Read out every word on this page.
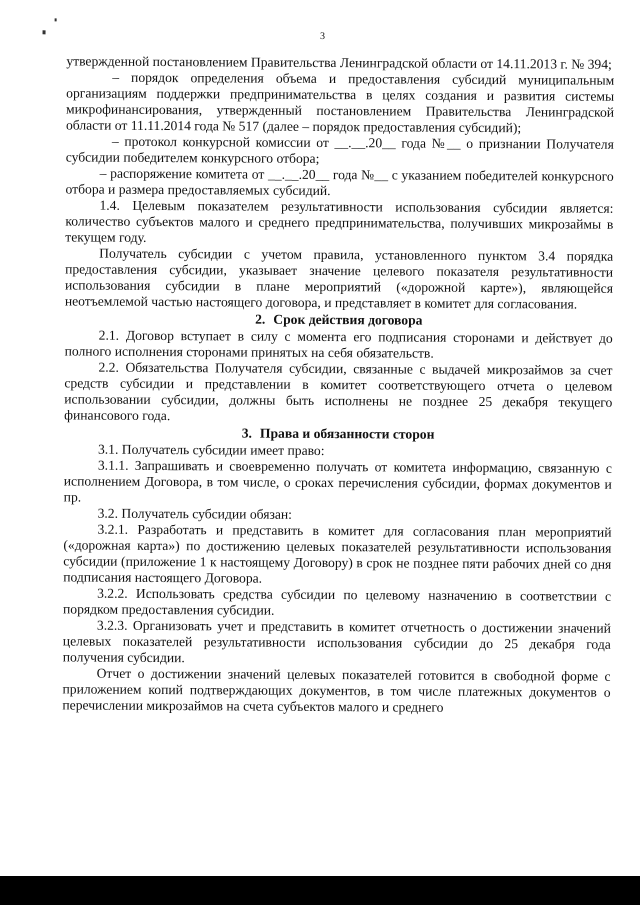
3

утвержденной постановлением Правительства Ленинградской области от 14.11.2013 г. № 394;

– порядок определения объема и предоставления субсидий муниципальным организациям поддержки предпринимательства в целях создания и развития системы микрофинансирования, утвержденный постановлением Правительства Ленинградской области от 11.11.2014 года № 517 (далее – порядок предоставления субсидий);

– протокол конкурсной комиссии от __.__.20__ года №__ о признании Получателя субсидии победителем конкурсного отбора;

– распоряжение комитета от __.__.20__ года №__ с указанием победителей конкурсного отбора и размера предоставляемых субсидий.

1.4. Целевым показателем результативности использования субсидии является: количество субъектов малого и среднего предпринимательства, получивших микрозаймы в текущем году.

Получатель субсидии с учетом правила, установленного пунктом 3.4 порядка предоставления субсидии, указывает значение целевого показателя результативности использования субсидии в плане мероприятий («дорожной карте»), являющейся неотъемлемой частью настоящего договора, и представляет в комитет для согласования.

2. Срок действия договора

2.1. Договор вступает в силу с момента его подписания сторонами и действует до полного исполнения сторонами принятых на себя обязательств.

2.2. Обязательства Получателя субсидии, связанные с выдачей микрозаймов за счет средств субсидии и представлении в комитет соответствующего отчета о целевом использовании субсидии, должны быть исполнены не позднее 25 декабря текущего финансового года.

3. Права и обязанности сторон

3.1. Получатель субсидии имеет право:

3.1.1. Запрашивать и своевременно получать от комитета информацию, связанную с исполнением Договора, в том числе, о сроках перечисления субсидии, формах документов и пр.

3.2. Получатель субсидии обязан:

3.2.1. Разработать и представить в комитет для согласования план мероприятий («дорожная карта») по достижению целевых показателей результативности использования субсидии (приложение 1 к настоящему Договору) в срок не позднее пяти рабочих дней со дня подписания настоящего Договора.

3.2.2. Использовать средства субсидии по целевому назначению в соответствии с порядком предоставления субсидии.

3.2.3. Организовать учет и представить в комитет отчетность о достижении значений целевых показателей результативности использования субсидии до 25 декабря года получения субсидии.

Отчет о достижении значений целевых показателей готовится в свободной форме с приложением копий подтверждающих документов, в том числе платежных документов о перечислении микрозаймов на счета субъектов малого и среднего
